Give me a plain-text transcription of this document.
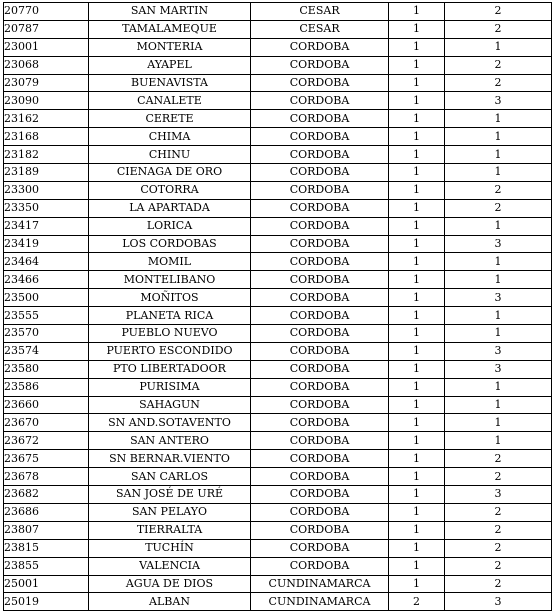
20770	SAN MARTIN	CESAR	1	2
20787	TAMALAMEQUE	CESAR	1	2
23001	MONTERIA	CORDOBA	1	1
23068	AYAPEL	CORDOBA	1	2
23079	BUENAVISTA	CORDOBA	1	2
23090	CANALETE	CORDOBA	1	3
23162	CERETE	CORDOBA	1	1
23168	CHIMA	CORDOBA	1	1
23182	CHINU	CORDOBA	1	1
23189	CIENAGA DE ORO	CORDOBA	1	1
23300	COTORRA	CORDOBA	1	2
23350	LA APARTADA	CORDOBA	1	2
23417	LORICA	CORDOBA	1	1
23419	LOS CORDOBAS	CORDOBA	1	3
23464	MOMIL	CORDOBA	1	1
23466	MONTELIBANO	CORDOBA	1	1
23500	MOÑITOS	CORDOBA	1	3
23555	PLANETA RICA	CORDOBA	1	1
23570	PUEBLO NUEVO	CORDOBA	1	1
23574	PUERTO ESCONDIDO	CORDOBA	1	3
23580	PTO LIBERTADOOR	CORDOBA	1	3
23586	PURISIMA	CORDOBA	1	1
23660	SAHAGUN	CORDOBA	1	1
23670	SN AND.SOTAVENTO	CORDOBA	1	1
23672	SAN ANTERO	CORDOBA	1	1
23675	SN BERNAR.VIENTO	CORDOBA	1	2
23678	SAN CARLOS	CORDOBA	1	2
23682	SAN JOSÉ DE URÉ	CORDOBA	1	3
23686	SAN PELAYO	CORDOBA	1	2
23807	TIERRALTA	CORDOBA	1	2
23815	TUCHÍN	CORDOBA	1	2
23855	VALENCIA	CORDOBA	1	2
25001	AGUA DE DIOS	CUNDINAMARCA	1	2
25019	ALBAN	CUNDINAMARCA	2	3
